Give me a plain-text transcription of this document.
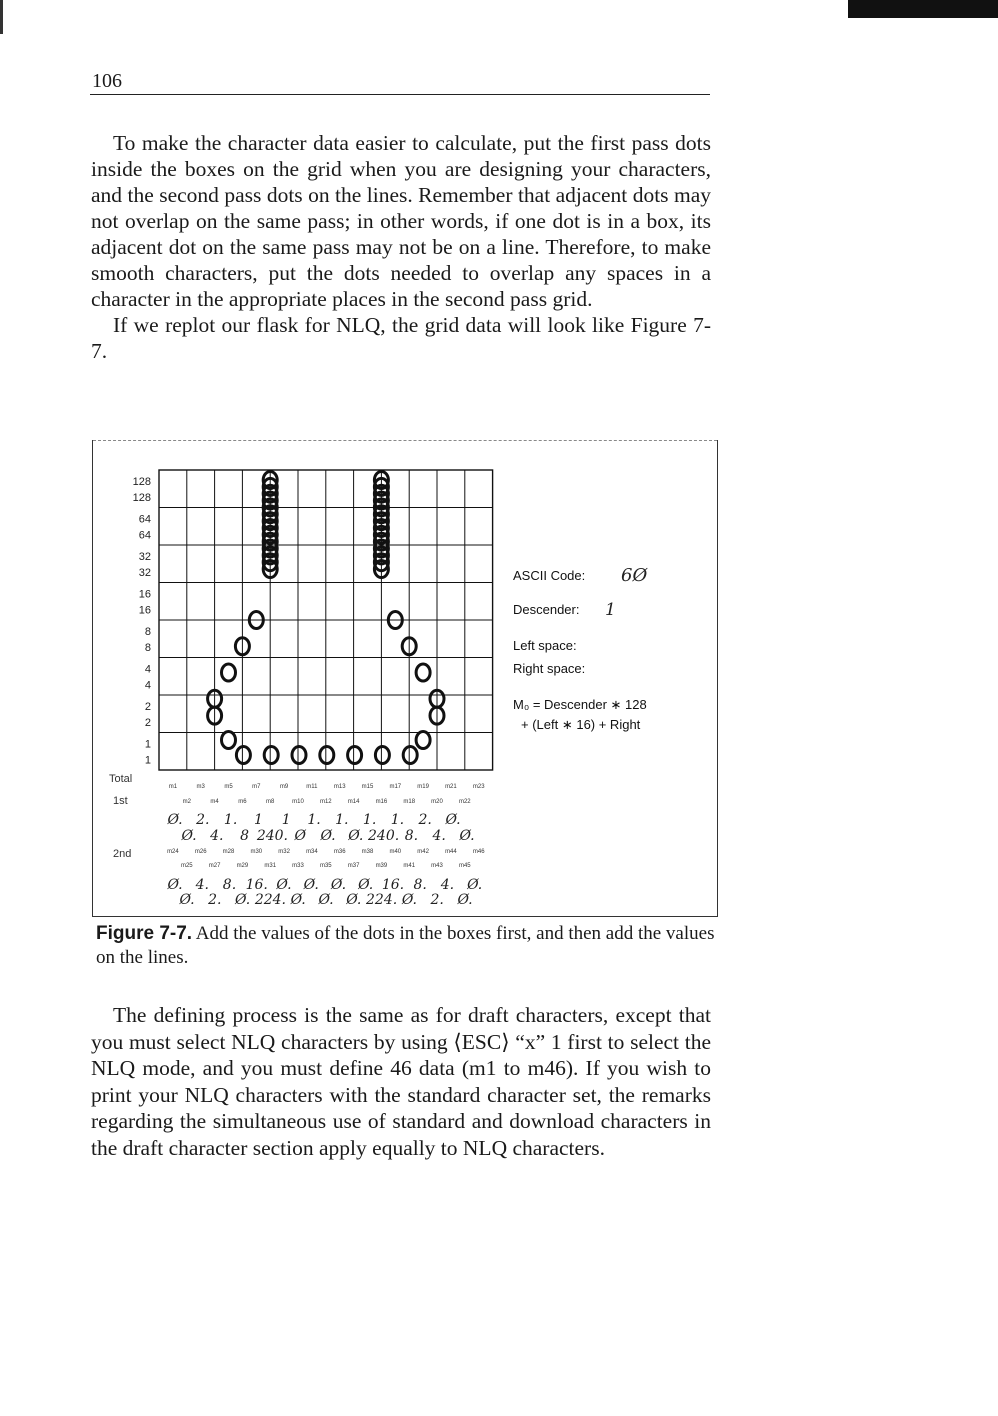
106

To make the character data easier to calculate, put the first pass dots inside the boxes on the grid when you are designing your characters, and the second pass dots on the lines. Remember that adjacent dots may not overlap on the same pass; in other words, if one dot is in a box, its adjacent dot on the same pass may not be on a line. Therefore, to make smooth characters, put the dots needed to overlap any spaces in a character in the appropriate places in the second pass grid.

If we replot our flask for NLQ, the grid data will look like Figure 7-7.

128
128
64
64
32
32
16
16
8
8
4
4
2
2
1
1
Total
1st
2nd
m1	m3	m5	m7	m9	m11	m13	m15	m17	m19	m21	m23
m2	m4	m6	m8	m10	m12	m14	m16	m18	m20	m22
m24	m26	m28	m30	m32	m34	m36	m38	m40	m42	m44	m46
m25	m27	m29	m31	m33	m35	m37	m39	m41	m43	m45
Ø. 2. 1. 1 1 1. 1. 1. 1. 2. Ø.
Ø. 4. 8 240. Ø Ø. Ø. 240. 8. 4. Ø.
Ø. 4. 8. 16. Ø. Ø. Ø. Ø. 16. 8. 4. Ø.
Ø. 2. Ø. 224. Ø. Ø. Ø. 224. Ø. 2. Ø.
ASCII Code: 6Ø
Descender: 1
Left space:
Right space:
M₀ = Descender ∗ 128
+ (Left ∗ 16) + Right
Figure 7-7. Add the values of the dots in the boxes first, and then add the values on the lines.

The defining process is the same as for draft characters, except that you must select NLQ characters by using ⟨ESC⟩ “x” 1 first to select the NLQ mode, and you must define 46 data (m1 to m46). If you wish to print your NLQ characters with the standard character set, the remarks regarding the simultaneous use of standard and download characters in the draft character section apply equally to NLQ characters.
